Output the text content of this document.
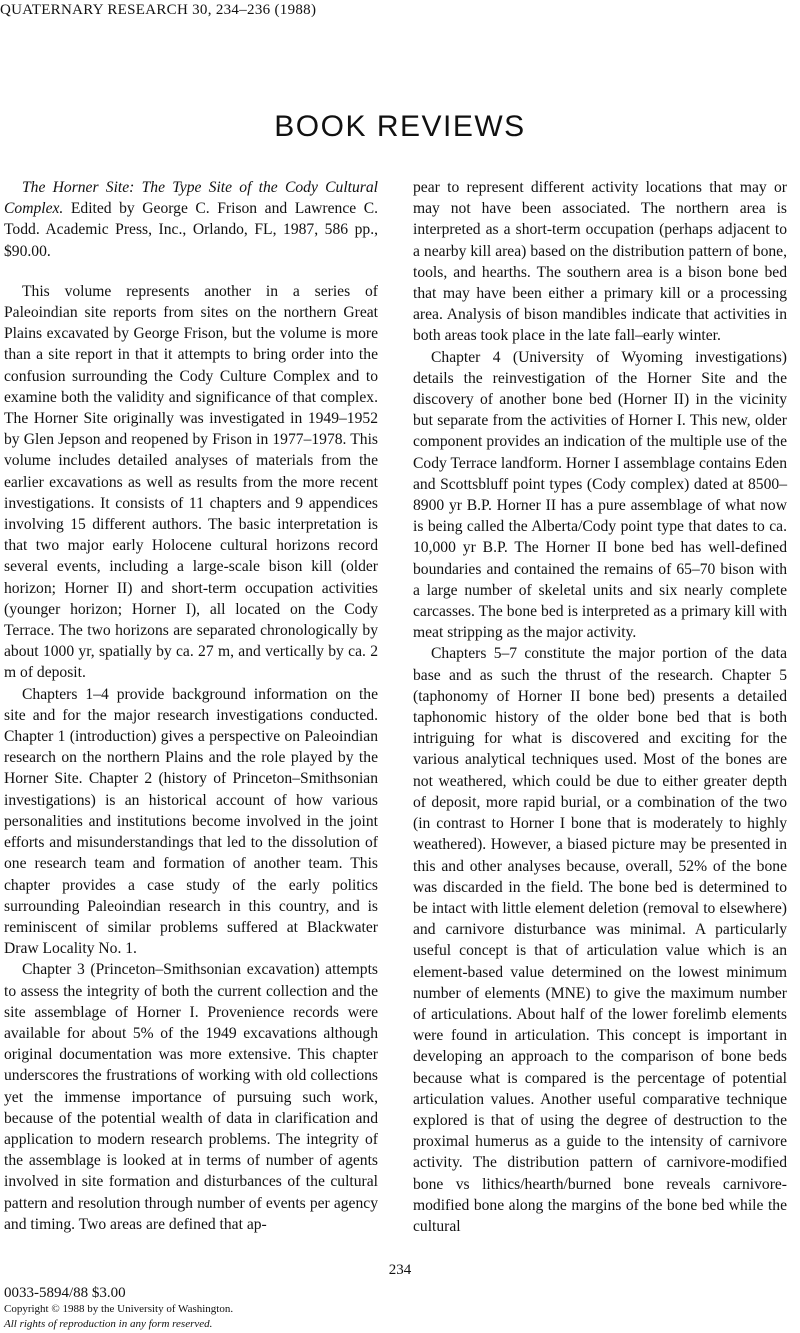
QUATERNARY RESEARCH 30, 234–236 (1988)
BOOK REVIEWS

The Horner Site: The Type Site of the Cody Cultural Complex. Edited by George C. Frison and Lawrence C. Todd. Academic Press, Inc., Orlando, FL, 1987, 586 pp., $90.00.

This volume represents another in a series of Paleoindian site reports from sites on the northern Great Plains excavated by George Frison, but the volume is more than a site report in that it attempts to bring order into the confusion surrounding the Cody Culture Complex and to examine both the validity and significance of that complex. The Horner Site originally was investigated in 1949–1952 by Glen Jepson and reopened by Frison in 1977–1978. This volume includes detailed analyses of materials from the earlier excavations as well as results from the more recent investigations. It consists of 11 chapters and 9 appendices involving 15 different authors. The basic interpretation is that two major early Holocene cultural horizons record several events, including a large-scale bison kill (older horizon; Horner II) and short-term occupation activities (younger horizon; Horner I), all located on the Cody Terrace. The two horizons are separated chronologically by about 1000 yr, spatially by ca. 27 m, and vertically by ca. 2 m of deposit.

Chapters 1–4 provide background information on the site and for the major research investigations conducted. Chapter 1 (introduction) gives a perspective on Paleoindian research on the northern Plains and the role played by the Horner Site. Chapter 2 (history of Princeton–Smithsonian investigations) is an historical account of how various personalities and institutions become involved in the joint efforts and misunderstandings that led to the dissolution of one research team and formation of another team. This chapter provides a case study of the early politics surrounding Paleoindian research in this country, and is reminiscent of similar problems suffered at Blackwater Draw Locality No. 1.

Chapter 3 (Princeton–Smithsonian excavation) attempts to assess the integrity of both the current collection and the site assemblage of Horner I. Provenience records were available for about 5% of the 1949 excavations although original documentation was more extensive. This chapter underscores the frustrations of working with old collections yet the immense importance of pursuing such work, because of the potential wealth of data in clarification and application to modern research problems. The integrity of the assemblage is looked at in terms of number of agents involved in site formation and disturbances of the cultural pattern and resolution through number of events per agency and timing. Two areas are defined that ap-

pear to represent different activity locations that may or may not have been associated. The northern area is interpreted as a short-term occupation (perhaps adjacent to a nearby kill area) based on the distribution pattern of bone, tools, and hearths. The southern area is a bison bone bed that may have been either a primary kill or a processing area. Analysis of bison mandibles indicate that activities in both areas took place in the late fall–early winter.

Chapter 4 (University of Wyoming investigations) details the reinvestigation of the Horner Site and the discovery of another bone bed (Horner II) in the vicinity but separate from the activities of Horner I. This new, older component provides an indication of the multiple use of the Cody Terrace landform. Horner I assemblage contains Eden and Scottsbluff point types (Cody complex) dated at 8500–8900 yr B.P. Horner II has a pure assemblage of what now is being called the Alberta/Cody point type that dates to ca. 10,000 yr B.P. The Horner II bone bed has well-defined boundaries and contained the remains of 65–70 bison with a large number of skeletal units and six nearly complete carcasses. The bone bed is interpreted as a primary kill with meat stripping as the major activity.

Chapters 5–7 constitute the major portion of the data base and as such the thrust of the research. Chapter 5 (taphonomy of Horner II bone bed) presents a detailed taphonomic history of the older bone bed that is both intriguing for what is discovered and exciting for the various analytical techniques used. Most of the bones are not weathered, which could be due to either greater depth of deposit, more rapid burial, or a combination of the two (in contrast to Horner I bone that is moderately to highly weathered). However, a biased picture may be presented in this and other analyses because, overall, 52% of the bone was discarded in the field. The bone bed is determined to be intact with little element deletion (removal to elsewhere) and carnivore disturbance was minimal. A particularly useful concept is that of articulation value which is an element-based value determined on the lowest minimum number of elements (MNE) to give the maximum number of articulations. About half of the lower forelimb elements were found in articulation. This concept is important in developing an approach to the comparison of bone beds because what is compared is the percentage of potential articulation values. Another useful comparative technique explored is that of using the degree of destruction to the proximal humerus as a guide to the intensity of carnivore activity. The distribution pattern of carnivore-modified bone vs lithics/hearth/burned bone reveals carnivore-modified bone along the margins of the bone bed while the cultural

234

0033-5894/88 $3.00

Copyright © 1988 by the University of Washington.

All rights of reproduction in any form reserved.
